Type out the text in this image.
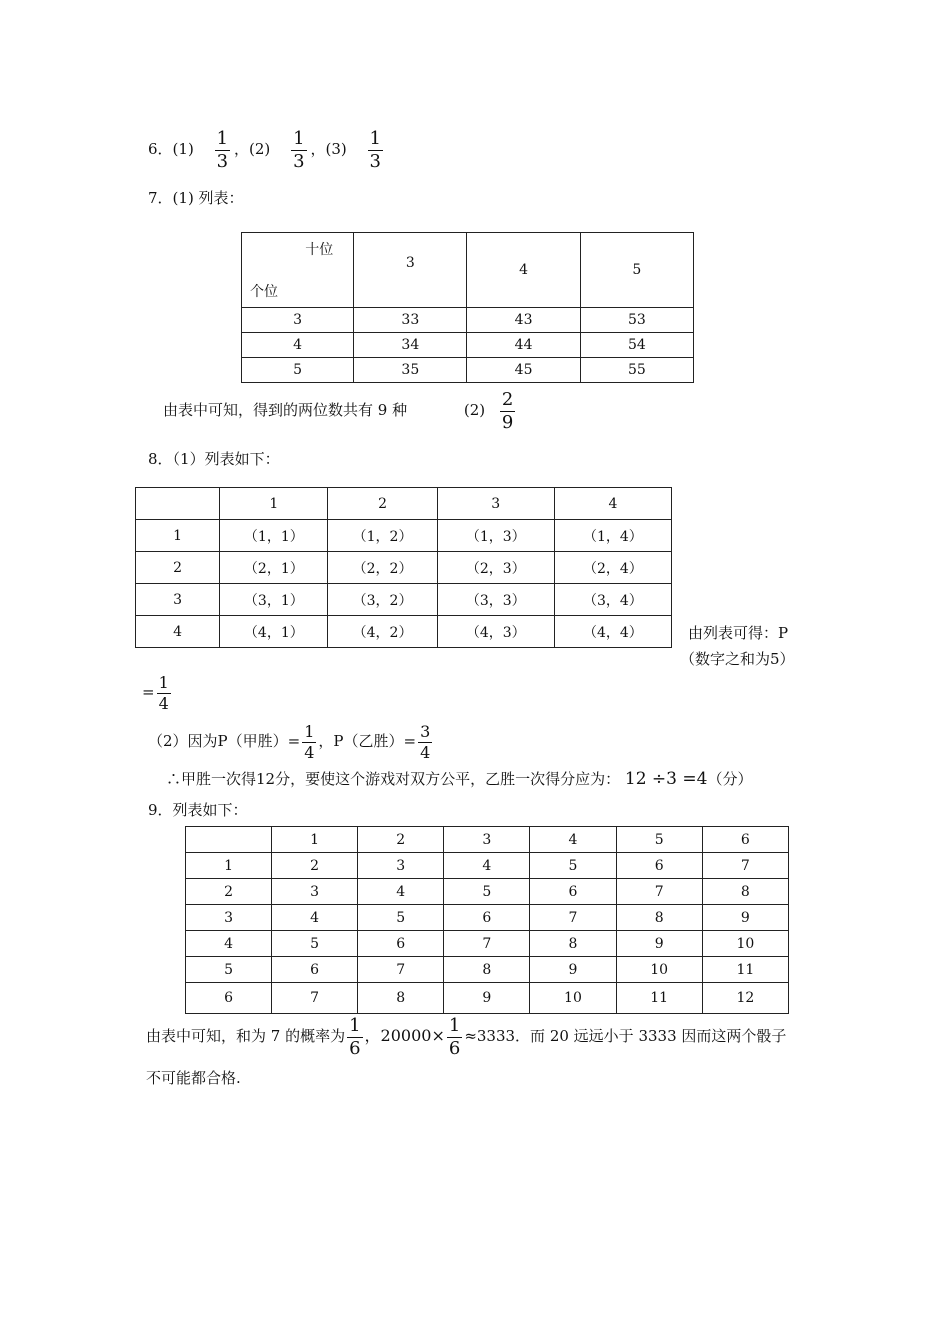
6．$(1) \frac{1}{3}$ ，$(2) \frac{1}{3}$ ，$(3) \frac{1}{3}$
7．(1) 列表：
十位
个位	3	4	5
3	33	43	53
4	34	44	54
5	35	45	55
由表中可知，得到的两位数共有 9 种	$(2) \frac{2}{9}$
8．（1）列表如下：
	1	2	3	4
1	（1，1）	（1，2）	（1，3）	（1，4）
2	（2，1）	（2，2）	（2，3）	（2，4）
3	（3，1）	（3，2）	（3，3）	（3，4）
4	（4，1）	（4，2）	（4，3）	（4，4）	由列表可得：P
（数字之和为5）
= $\frac{1}{4}$
（2）因为P（甲胜）= $\frac{1}{4}$ ，P（乙胜）= $\frac{3}{4}$
∴甲胜一次得12分，要使这个游戏对双方公平，乙胜一次得分应为： 12 ÷3 =4（分）
9．列表如下：
	1	2	3	4	5	6
1	2	3	4	5	6	7
2	3	4	5	6	7	8
3	4	5	6	7	8	9
4	5	6	7	8	9	10
5	6	7	8	9	10	11
6	7	8	9	10	11	12
由表中可知，和为 7 的概率为 $\frac{1}{6}$ ，$20000\times \frac{1}{6} \approx 3333$．而 20 远远小于 3333 因而这两个骰子
不可能都合格.
